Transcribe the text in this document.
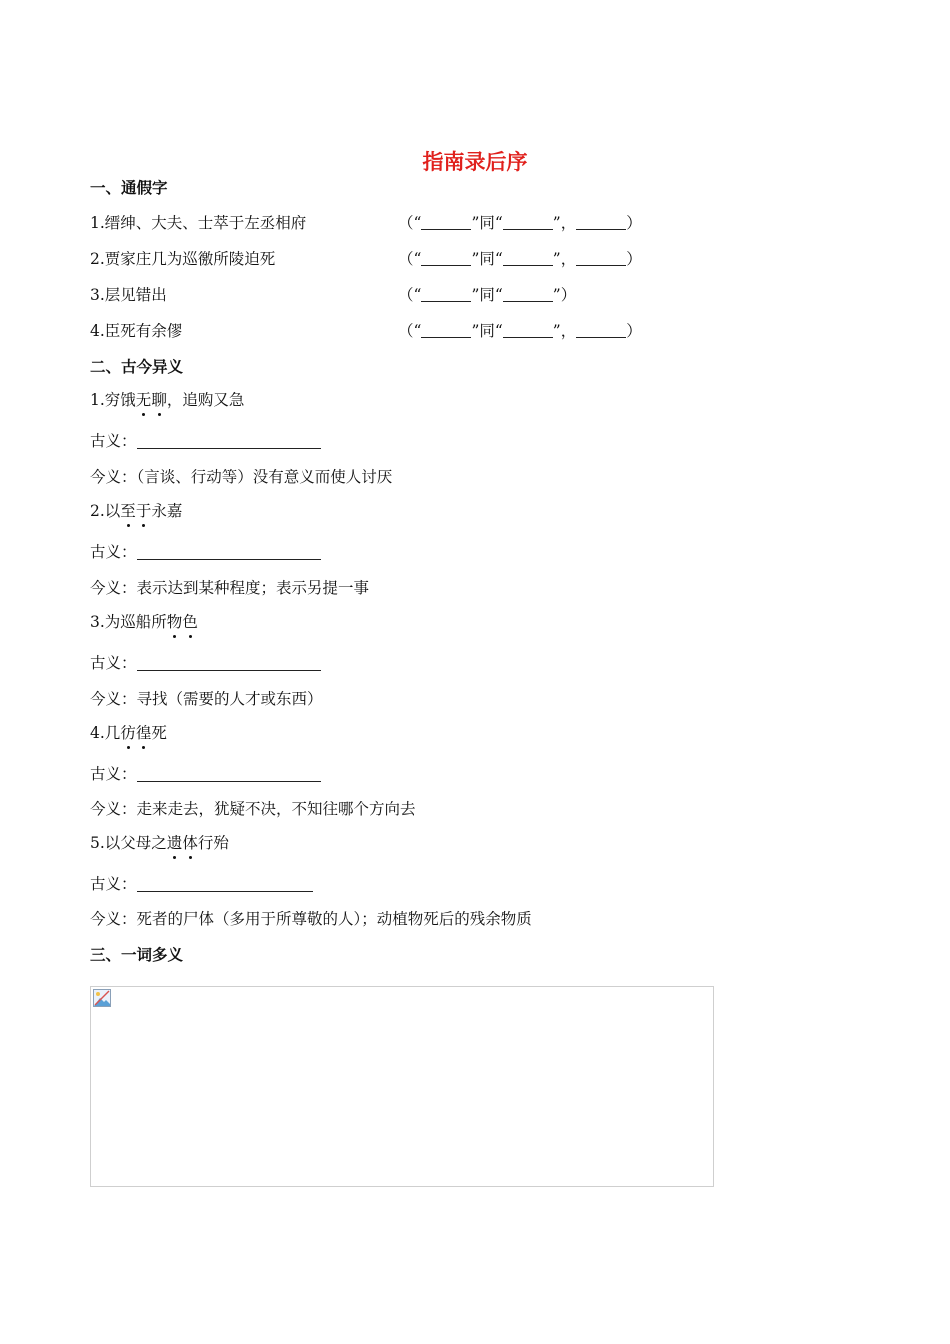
指南录后序
一、通假字
1.缙绅、大夫、士萃于左丞相府	（“	”同“	”，	）
2.贾家庄几为巡徼所陵迫死	（“	”同“	”，	）
3.层见错出	（“	”同“	”）
4.臣死有余僇	（“	”同“	”，	）
二、古今异义
1.穷饿无聊，追购又急
古义：
今义：（言谈、行动等）没有意义而使人讨厌
2.以至于永嘉
古义：
今义：表示达到某种程度；表示另提一事
3.为巡船所物色
古义：
今义：寻找（需要的人才或东西）
4.几彷徨死
古义：
今义：走来走去，犹疑不决，不知往哪个方向去
5.以父母之遗体行殆
古义：
今义：死者的尸体（多用于所尊敬的人）；动植物死后的残余物质
三、一词多义
